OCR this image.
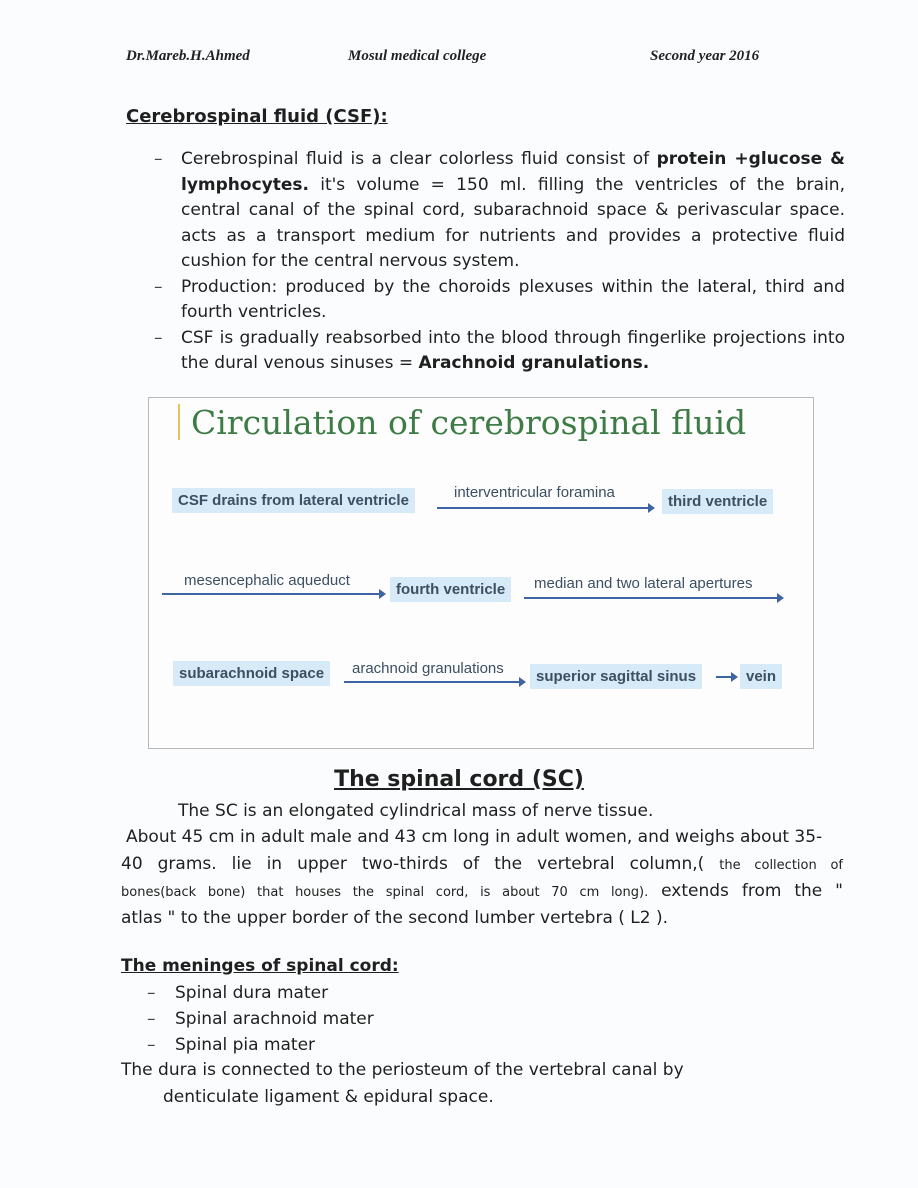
Dr.Mareb.H.Ahmed	Mosul medical college	Second year 2016
Cerebrospinal fluid (CSF):
– Cerebrospinal fluid is a clear colorless fluid consist of protein +glucose & lymphocytes. it's volume = 150 ml. filling the ventricles of the brain, central canal of the spinal cord, subarachnoid space & perivascular space. acts as a transport medium for nutrients and provides a protective fluid cushion for the central nervous system.
– Production: produced by the choroids plexuses within the lateral, third and fourth ventricles.
– CSF is gradually reabsorbed into the blood through fingerlike projections into the dural venous sinuses = Arachnoid granulations.
Circulation of cerebrospinal fluid
CSF drains from lateral ventricle	interventricular foramina
third ventricle
mesencephalic aqueduct
fourth ventricle	median and two lateral apertures
subarachnoid space	arachnoid granulations	superior sagittal sinus	vein
The spinal cord (SC)
The SC is an elongated cylindrical mass of nerve tissue.
About 45 cm in adult male and 43 cm long in adult women, and weighs about 35-
40 grams. lie in upper two-thirds of the vertebral column,( the collection of
bones(back bone) that houses the spinal cord, is about 70 cm long). extends from the "
atlas " to the upper border of the second lumber vertebra ( L2 ).
The meninges of spinal cord:
– Spinal dura mater
– Spinal arachnoid mater
– Spinal pia mater
The dura is connected to the periosteum of the vertebral canal by
denticulate ligament & epidural space.
